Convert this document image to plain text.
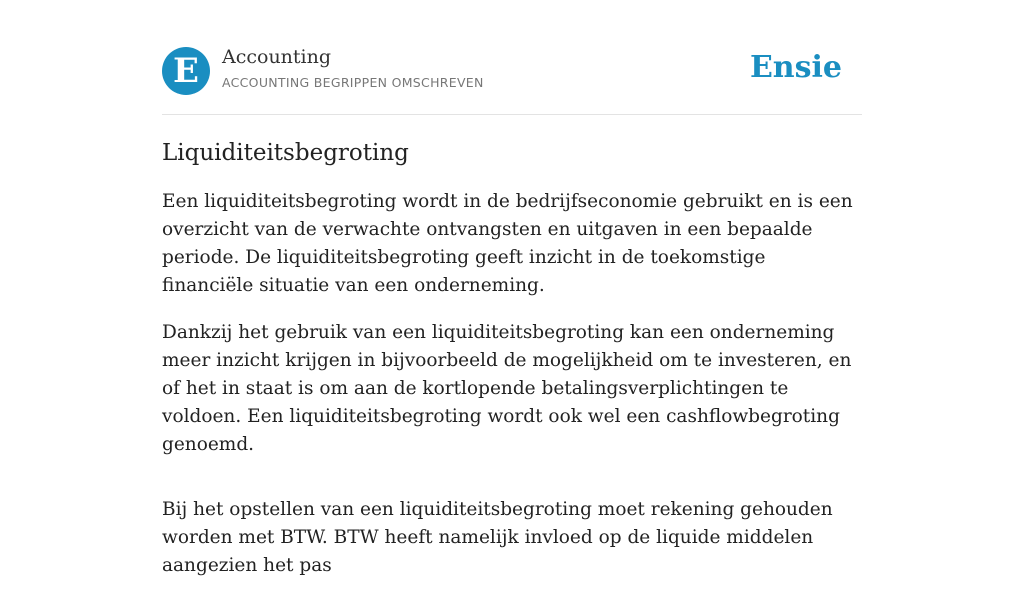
E	Accounting
ACCOUNTING BEGRIPPEN OMSCHREVEN	Ensie
Liquiditeitsbegroting

Een liquiditeitsbegroting wordt in de bedrijfseconomie gebruikt en is een overzicht van de verwachte ontvangsten en uitgaven in een bepaalde periode. De liquiditeitsbegroting geeft inzicht in de toekomstige financiële situatie van een onderneming.

Dankzij het gebruik van een liquiditeitsbegroting kan een onderneming meer inzicht krijgen in bijvoorbeeld de mogelijkheid om te investeren, en of het in staat is om aan de kortlopende betalingsverplichtingen te voldoen. Een liquiditeitsbegroting wordt ook wel een cashflowbegroting genoemd.

Bij het opstellen van een liquiditeitsbegroting moet rekening gehouden worden met BTW. BTW heeft namelijk invloed op de liquide middelen aangezien het pas
